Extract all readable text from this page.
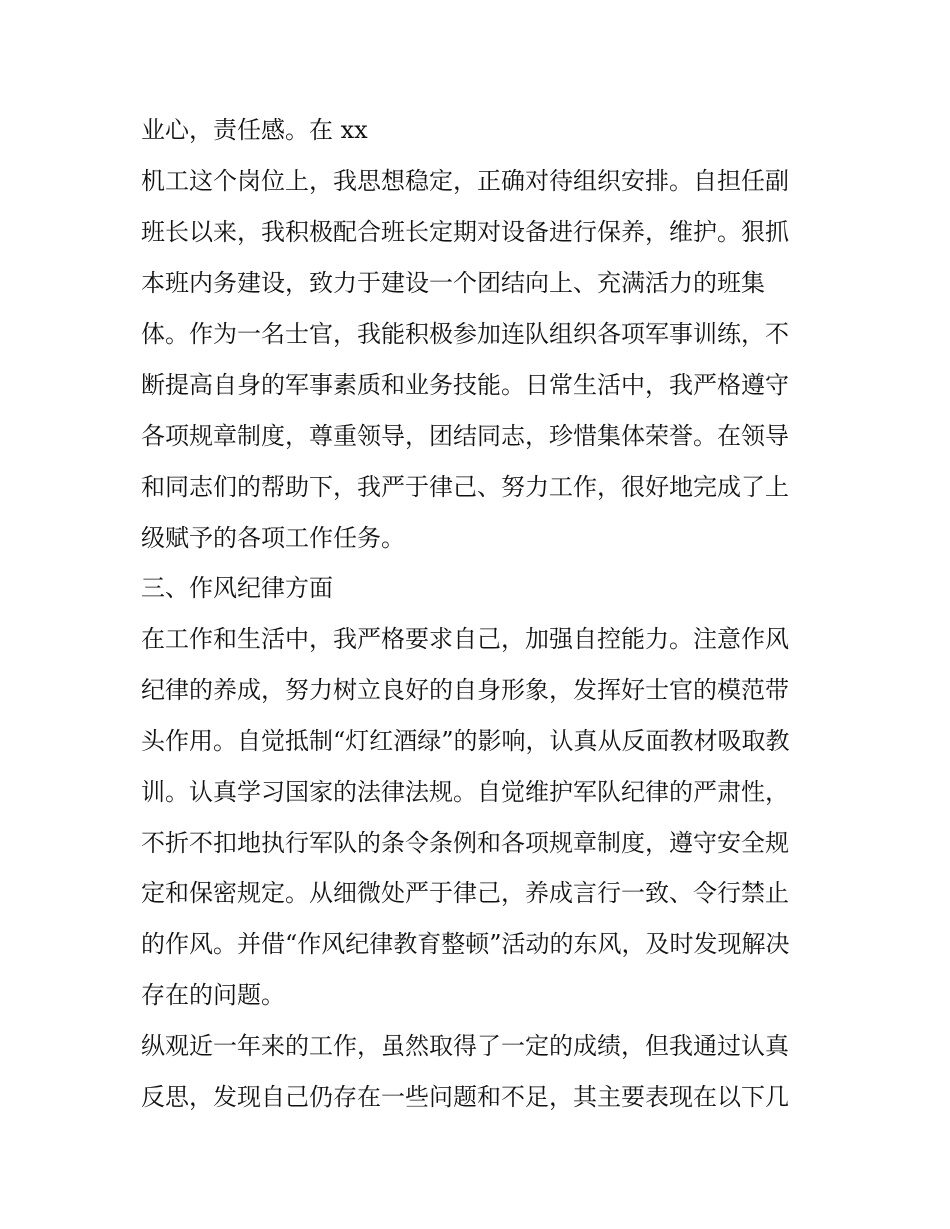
业心，责任感。在 xx
机工这个岗位上，我思想稳定，正确对待组织安排。自担任副
班长以来，我积极配合班长定期对设备进行保养，维护。狠抓
本班内务建设，致力于建设一个团结向上、充满活力的班集
体。作为一名士官，我能积极参加连队组织各项军事训练，不
断提高自身的军事素质和业务技能。日常生活中，我严格遵守
各项规章制度，尊重领导，团结同志，珍惜集体荣誉。在领导
和同志们的帮助下，我严于律己、努力工作，很好地完成了上
级赋予的各项工作任务。
三、作风纪律方面
在工作和生活中，我严格要求自己，加强自控能力。注意作风
纪律的养成，努力树立良好的自身形象，发挥好士官的模范带
头作用。自觉抵制“灯红酒绿”的影响，认真从反面教材吸取教
训。认真学习国家的法律法规。自觉维护军队纪律的严肃性，
不折不扣地执行军队的条令条例和各项规章制度，遵守安全规
定和保密规定。从细微处严于律己，养成言行一致、令行禁止
的作风。并借“作风纪律教育整顿”活动的东风，及时发现解决
存在的问题。
纵观近一年来的工作，虽然取得了一定的成绩，但我通过认真
反思，发现自己仍存在一些问题和不足，其主要表现在以下几
